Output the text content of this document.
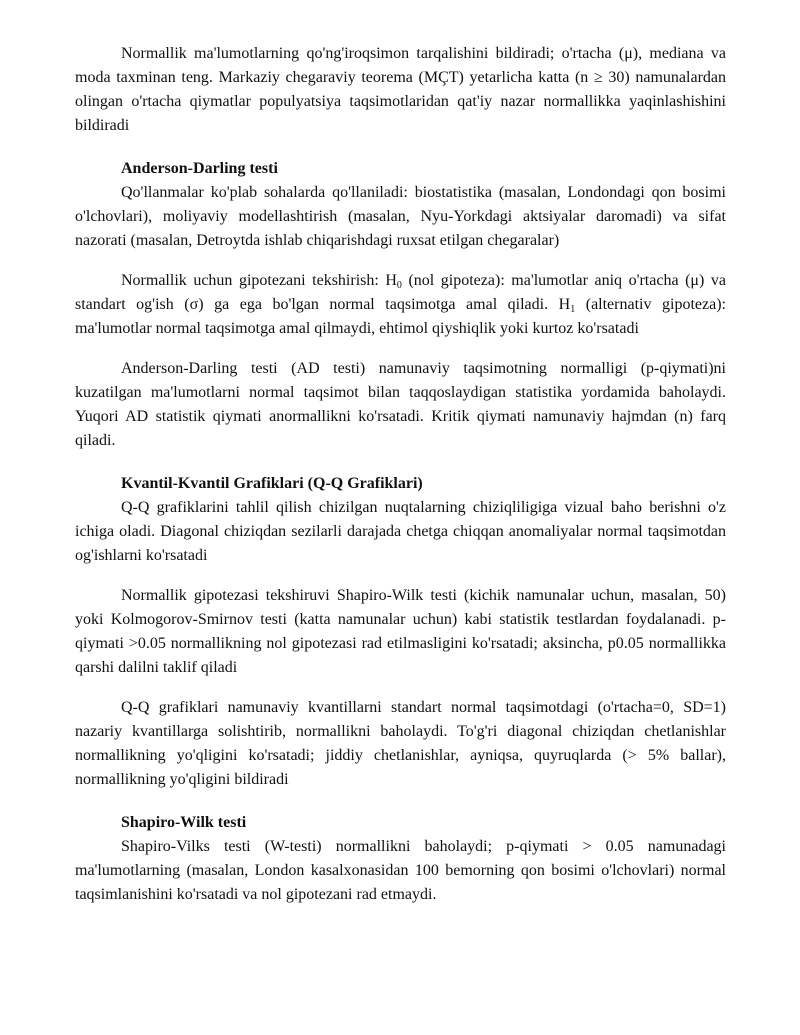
Normallik ma'lumotlarning qo'ng'iroqsimon tarqalishini bildiradi; o'rtacha (μ), mediana va moda taxminan teng. Markaziy chegaraviy teorema (MÇT) yetarlicha katta (n ≥ 30) namunalardan olingan o'rtacha qiymatlar populyatsiya taqsimotlaridan qat'iy nazar normallikka yaqinlashishini bildiradi

Anderson-Darling testi

Qo'llanmalar ko'plab sohalarda qo'llaniladi: biostatistika (masalan, Londondagi qon bosimi o'lchovlari), moliyaviy modellashtirish (masalan, Nyu-Yorkdagi aktsiyalar daromadi) va sifat nazorati (masalan, Detroytda ishlab chiqarishdagi ruxsat etilgan chegaralar)

Normallik uchun gipotezani tekshirish: $H_0$ (nol gipoteza): ma'lumotlar aniq o'rtacha (μ) va standart og'ish (σ) ga ega bo'lgan normal taqsimotga amal qiladi. $H_1$ (alternativ gipoteza): ma'lumotlar normal taqsimotga amal qilmaydi, ehtimol qiyshiqlik yoki kurtoz ko'rsatadi

Anderson-Darling testi (AD testi) namunaviy taqsimotning normalligi (p-qiymati)ni kuzatilgan ma'lumotlarni normal taqsimot bilan taqqoslaydigan statistika yordamida baholaydi. Yuqori AD statistik qiymati anormallikni ko'rsatadi. Kritik qiymati namunaviy hajmdan (n) farq qiladi.

Kvantil-Kvantil Grafiklari (Q-Q Grafiklari)

Q-Q grafiklarini tahlil qilish chizilgan nuqtalarning chiziqliligiga vizual baho berishni o'z ichiga oladi. Diagonal chiziqdan sezilarli darajada chetga chiqqan anomaliyalar normal taqsimotdan og'ishlarni ko'rsatadi

Normallik gipotezasi tekshiruvi Shapiro-Wilk testi (kichik namunalar uchun, masalan, 50) yoki Kolmogorov-Smirnov testi (katta namunalar uchun) kabi statistik testlardan foydalanadi. p-qiymati >0.05 normallikning nol gipotezasi rad etilmasligini ko'rsatadi; aksincha, p0.05 normallikka qarshi dalilni taklif qiladi

Q-Q grafiklari namunaviy kvantillarni standart normal taqsimotdagi (o'rtacha=0, SD=1) nazariy kvantillarga solishtirib, normallikni baholaydi. To'g'ri diagonal chiziqdan chetlanishlar normallikning yo'qligini ko'rsatadi; jiddiy chetlanishlar, ayniqsa, quyruqlarda (> 5% ballar), normallikning yo'qligini bildiradi

Shapiro-Wilk testi

Shapiro-Vilks testi (W-testi) normallikni baholaydi; p-qiymati > 0.05 namunadagi ma'lumotlarning (masalan, London kasalxonasidan 100 bemorning qon bosimi o'lchovlari) normal taqsimlanishini ko'rsatadi va nol gipotezani rad etmaydi.
